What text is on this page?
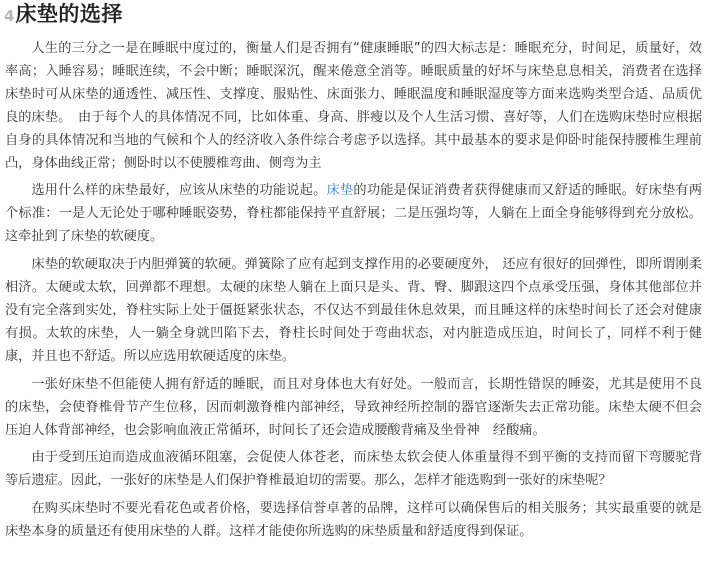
4 床垫的选择

人生的三分之一是在睡眠中度过的，衡量人们是否拥有“健康睡眠”的四大标志是：睡眠充分，时间足，质量好，效率高；入睡容易；睡眠连续，不会中断；睡眠深沉，醒来倦意全消等。睡眠质量的好坏与床垫息息相关，消费者在选择床垫时可从床垫的通透性、减压性、支撑度、服贴性、床面张力、睡眠温度和睡眠湿度等方面来选购类型合适、品质优良的床垫。　由于每个人的具体情况不同，比如体重、身高、胖瘦以及个人生活习惯、喜好等，人们在选购床垫时应根据自身的具体情况和当地的气候和个人的经济收入条件综合考虑予以选择。其中最基本的要求是仰卧时能保持腰椎生理前凸，身体曲线正常；侧卧时以不使腰椎弯曲、侧弯为主

选用什么样的床垫最好，应该从床垫的功能说起。床垫的功能是保证消费者获得健康而又舒适的睡眠。好床垫有两个标准：一是人无论处于哪种睡眠姿势，脊柱都能保持平直舒展；二是压强均等，人躺在上面全身能够得到充分放松。这牵扯到了床垫的软硬度。

床垫的软硬取决于内胆弹簧的软硬。弹簧除了应有起到支撑作用的必要硬度外， 还应有很好的回弹性，即所谓刚柔相济。太硬或太软，回弹都不理想。太硬的床垫人躺在上面只是头、背、臀、脚跟这四个点承受压强，身体其他部位并没有完全落到实处，脊柱实际上处于僵挺紧张状态，不仅达不到最佳休息效果，而且睡这样的床垫时间长了还会对健康有损。太软的床垫，人一躺全身就凹陷下去，脊柱长时间处于弯曲状态，对内脏造成压迫，时间长了，同样不利于健康，并且也不舒适。所以应选用软硬适度的床垫。

一张好床垫不但能使人拥有舒适的睡眠，而且对身体也大有好处。一般而言，长期性错误的睡姿，尤其是使用不良的床垫，会使脊椎骨节产生位移，因而刺激脊椎内部神经，导致神经所控制的器官逐渐失去正常功能。床垫太硬不但会压迫人体背部神经，也会影响血液正常循环，时间长了还会造成腰酸背痛及坐骨神　经酸痛。

由于受到压迫而造成血液循环阻塞，会促使人体苍老，而床垫太软会使人体重量得不到平衡的支持而留下弯腰驼背等后遗症。因此，一张好的床垫是人们保护脊椎最迫切的需要。那么，怎样才能选购到一张好的床垫呢？

在购买床垫时不要光看花色或者价格，要选择信誉卓著的品牌，这样可以确保售后的相关服务；其实最重要的就是床垫本身的质量还有使用床垫的人群。这样才能使你所选购的床垫质量和舒适度得到保证。
